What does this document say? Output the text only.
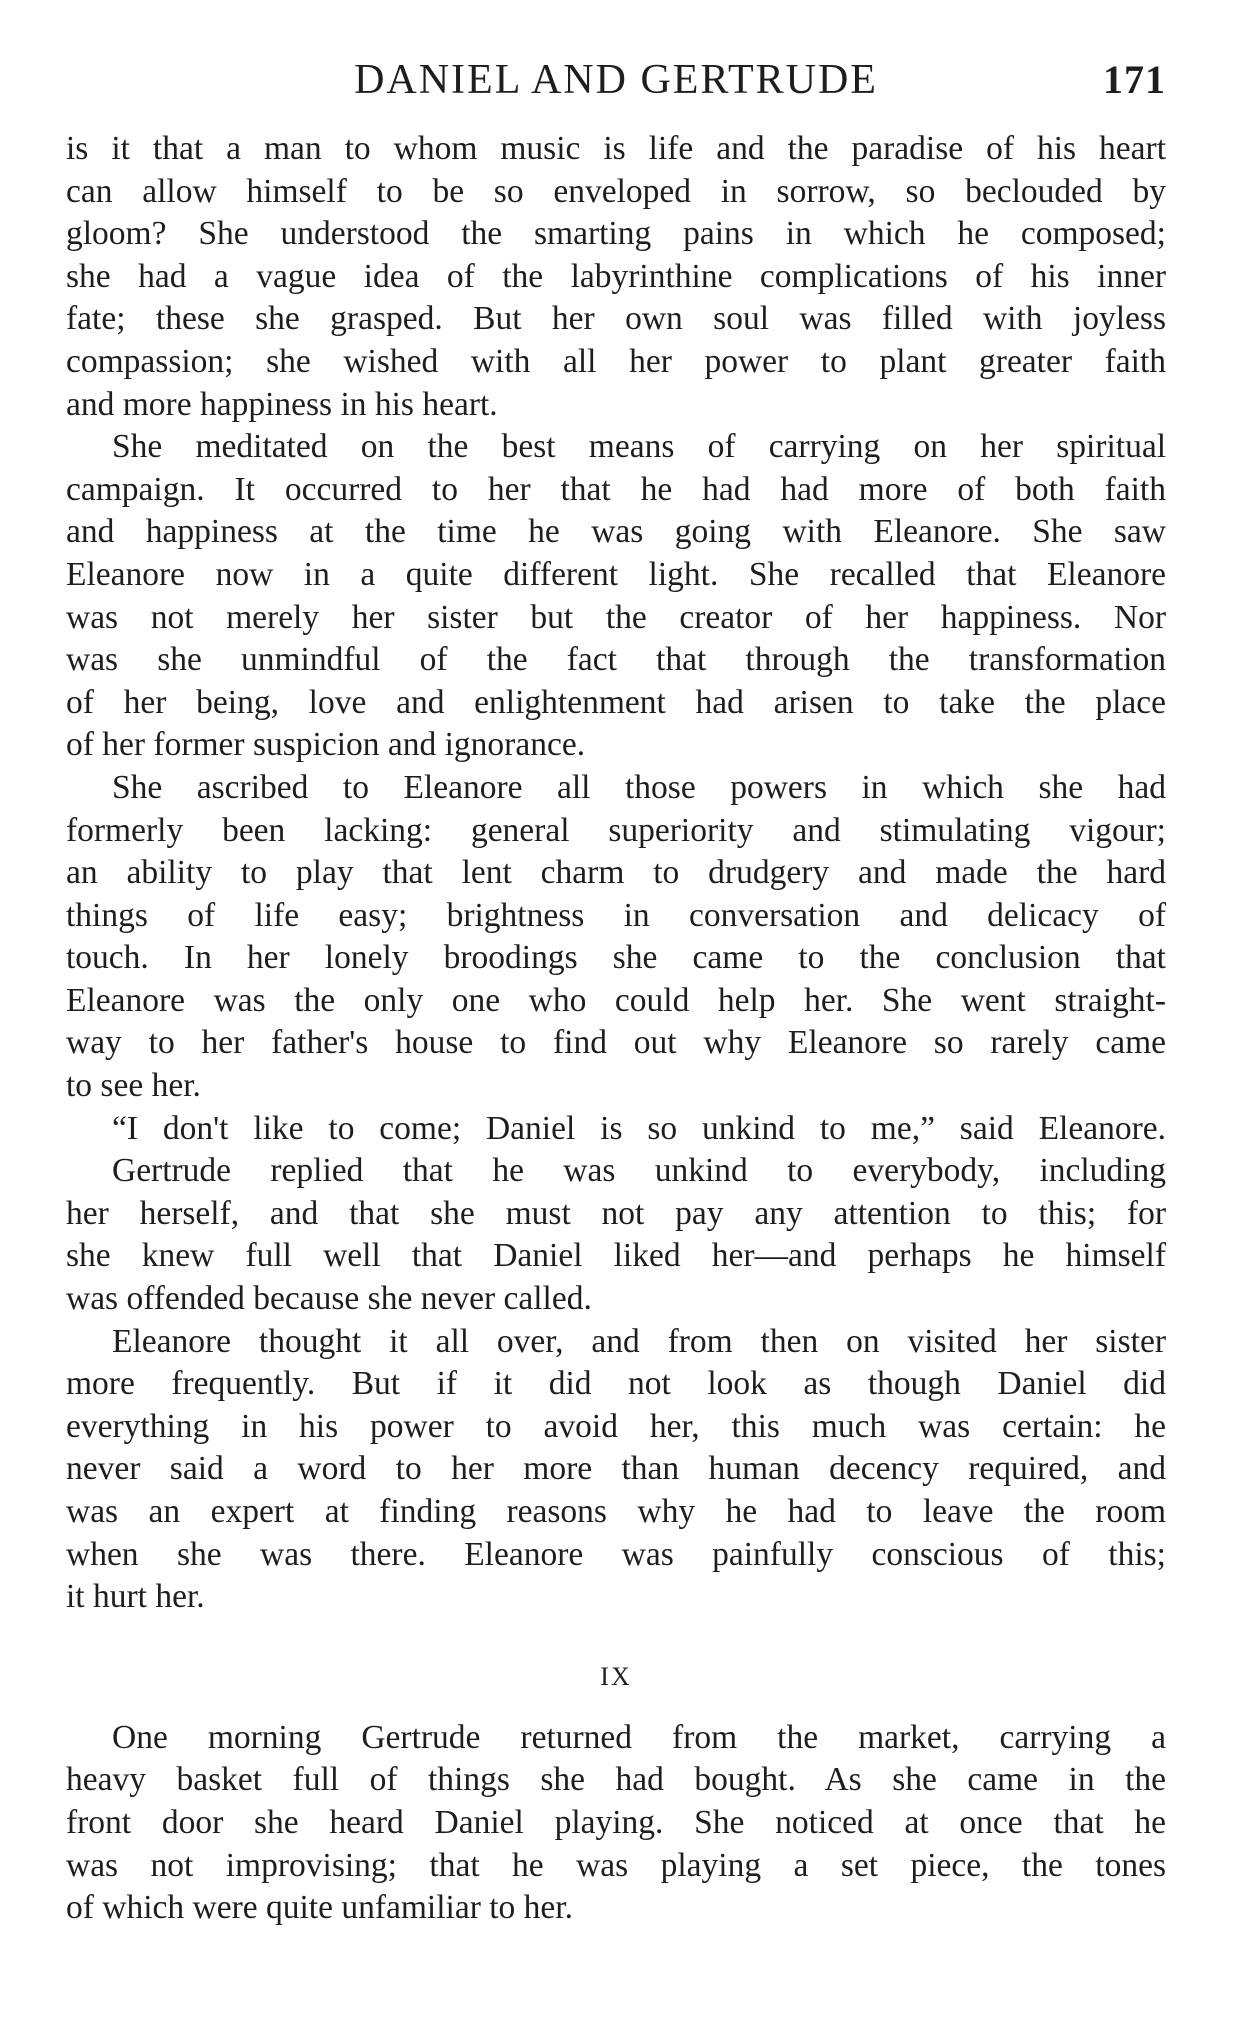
DANIEL AND GERTRUDE	171
is it that a man to whom music is life and the paradise of his heart
can allow himself to be so enveloped in sorrow, so beclouded by
gloom? She understood the smarting pains in which he composed;
she had a vague idea of the labyrinthine complications of his inner
fate; these she grasped. But her own soul was filled with joyless
compassion; she wished with all her power to plant greater faith
and more happiness in his heart.
She meditated on the best means of carrying on her spiritual
campaign. It occurred to her that he had had more of both faith
and happiness at the time he was going with Eleanore. She saw
Eleanore now in a quite different light. She recalled that Eleanore
was not merely her sister but the creator of her happiness. Nor
was she unmindful of the fact that through the transformation
of her being, love and enlightenment had arisen to take the place
of her former suspicion and ignorance.
She ascribed to Eleanore all those powers in which she had
formerly been lacking: general superiority and stimulating vigour;
an ability to play that lent charm to drudgery and made the hard
things of life easy; brightness in conversation and delicacy of
touch. In her lonely broodings she came to the conclusion that
Eleanore was the only one who could help her. She went straight-
way to her father's house to find out why Eleanore so rarely came
to see her.
“I don't like to come; Daniel is so unkind to me,” said Eleanore.
Gertrude replied that he was unkind to everybody, including
her herself, and that she must not pay any attention to this; for
she knew full well that Daniel liked her—and perhaps he himself
was offended because she never called.
Eleanore thought it all over, and from then on visited her sister
more frequently. But if it did not look as though Daniel did
everything in his power to avoid her, this much was certain: he
never said a word to her more than human decency required, and
was an expert at finding reasons why he had to leave the room
when she was there. Eleanore was painfully conscious of this;
it hurt her.
IX
One morning Gertrude returned from the market, carrying a
heavy basket full of things she had bought. As she came in the
front door she heard Daniel playing. She noticed at once that he
was not improvising; that he was playing a set piece, the tones
of which were quite unfamiliar to her.
